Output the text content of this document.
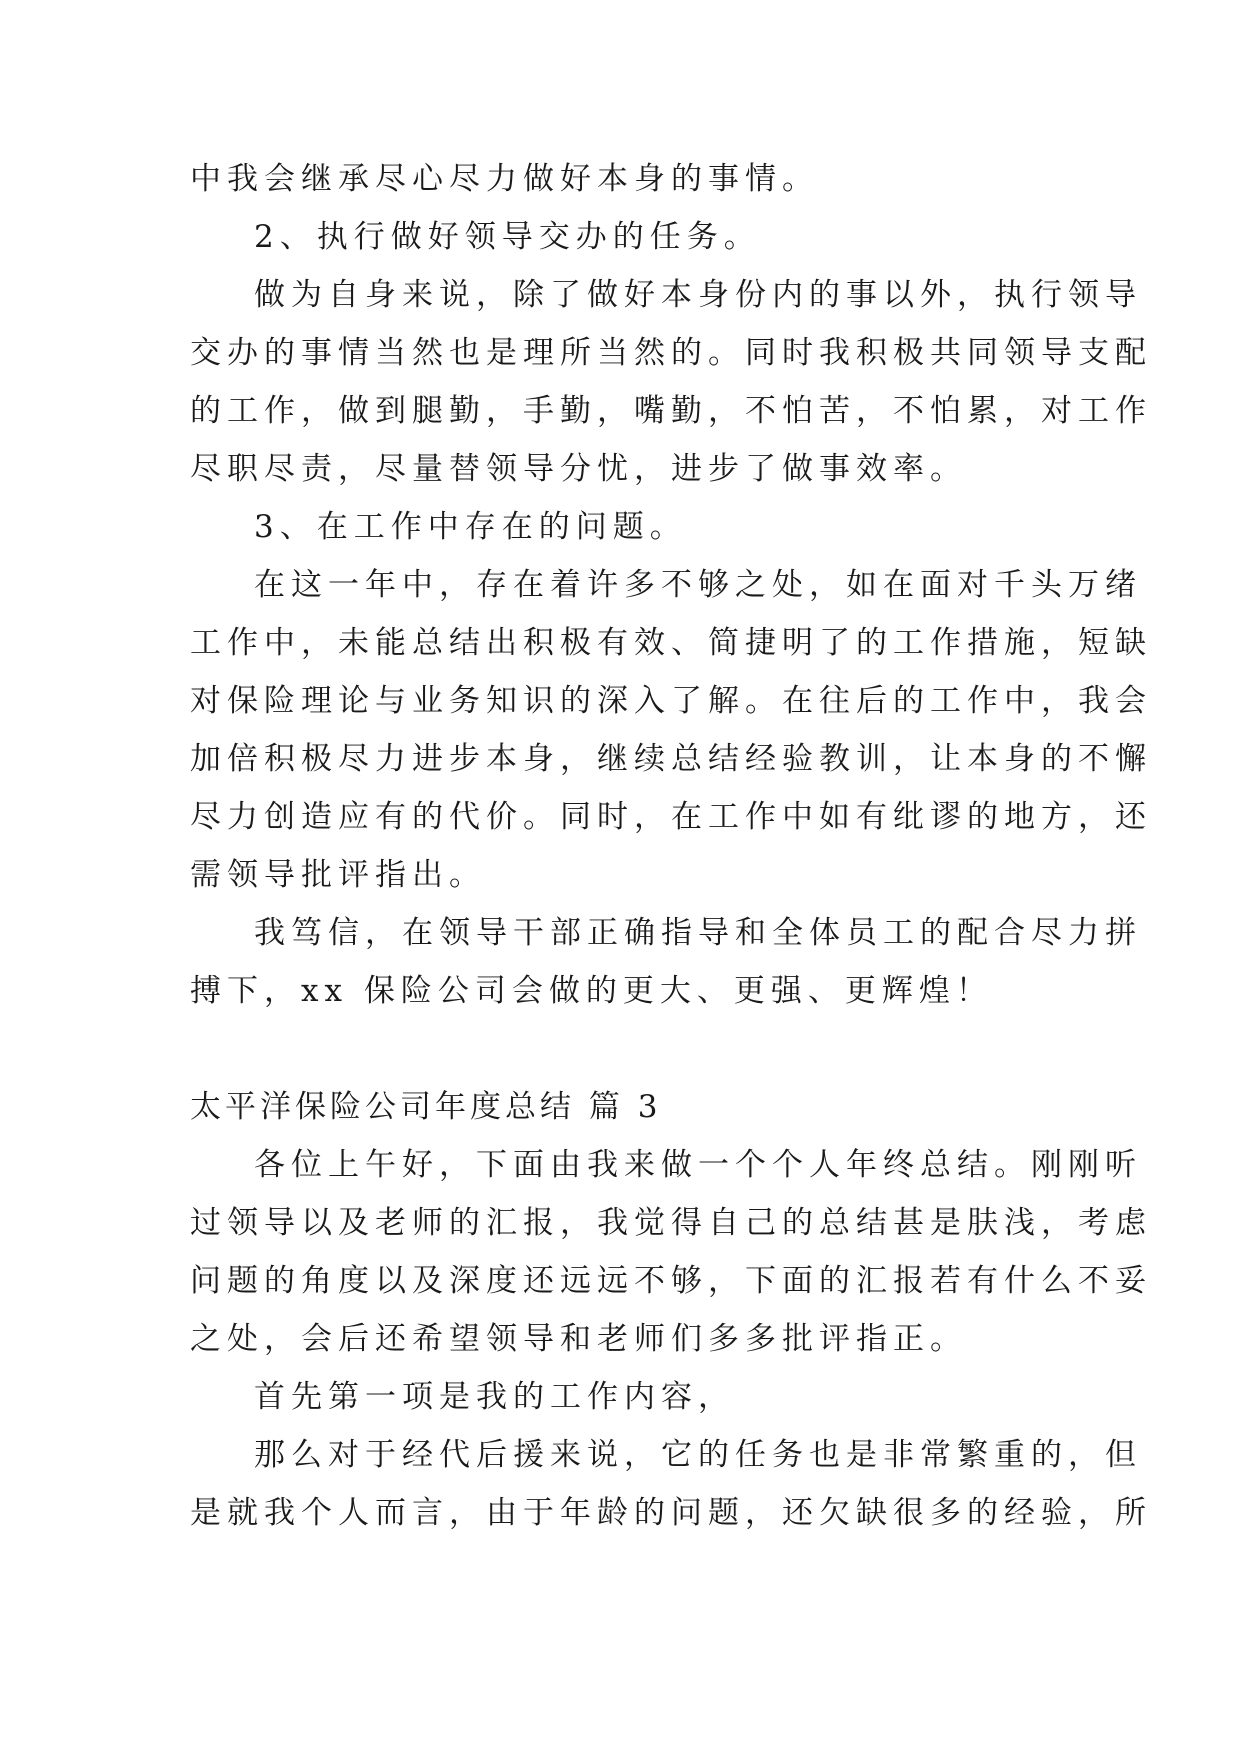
中我会继承尽心尽力做好本身的事情。
2、执行做好领导交办的任务。
做为自身来说，除了做好本身份内的事以外，执行领导
交办的事情当然也是理所当然的。同时我积极共同领导支配
的工作，做到腿勤，手勤，嘴勤，不怕苦，不怕累，对工作
尽职尽责，尽量替领导分忧，进步了做事效率。
3、在工作中存在的问题。
在这一年中，存在着许多不够之处，如在面对千头万绪
工作中，未能总结出积极有效、简捷明了的工作措施，短缺
对保险理论与业务知识的深入了解。在往后的工作中，我会
加倍积极尽力进步本身，继续总结经验教训，让本身的不懈
尽力创造应有的代价。同时，在工作中如有纰谬的地方，还
需领导批评指出。
我笃信，在领导干部正确指导和全体员工的配合尽力拼
搏下，xx 保险公司会做的更大、更强、更辉煌！
太平洋保险公司年度总结 篇 3
各位上午好，下面由我来做一个个人年终总结。刚刚听
过领导以及老师的汇报，我觉得自己的总结甚是肤浅，考虑
问题的角度以及深度还远远不够，下面的汇报若有什么不妥
之处，会后还希望领导和老师们多多批评指正。
首先第一项是我的工作内容，
那么对于经代后援来说，它的任务也是非常繁重的，但
是就我个人而言，由于年龄的问题，还欠缺很多的经验，所
